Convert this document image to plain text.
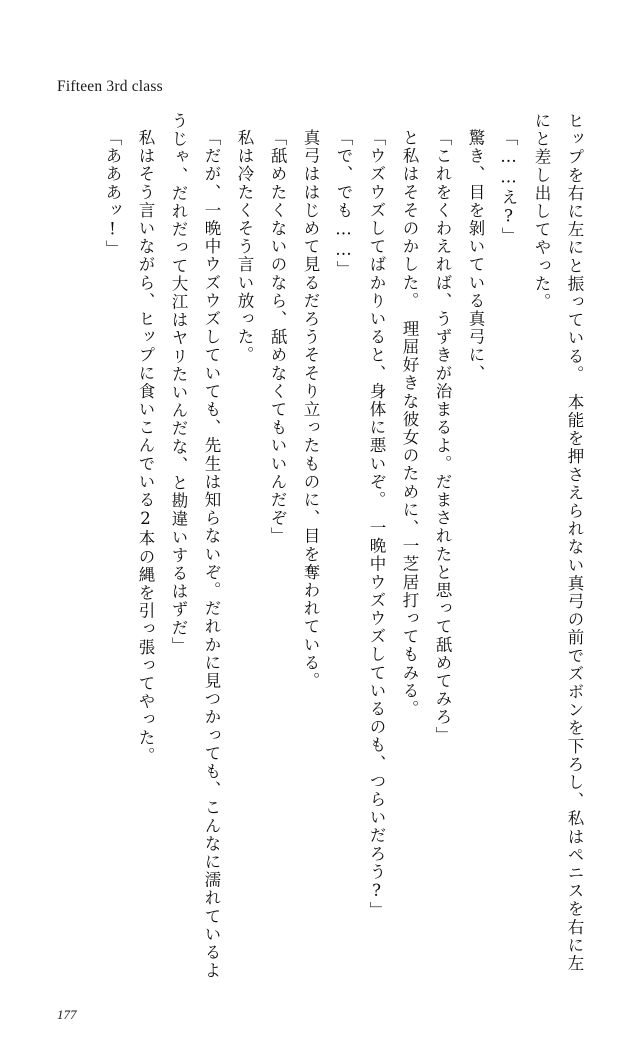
Fifteen 3rd class

ヒップを右に左にと振っている。　本能を押さえられない真弓の前でズボンを下ろし、私はペニスを右に左にと差し出してやった。

「……え?」

驚き、目を剝いている真弓に、

「これをくわえれば、うずきが治まるよ。だまされたと思って舐めてみろ」

と私はそそのかした。　理屈好きな彼女のために、一芝居打ってもみる。

「ウズウズしてばかりいると、身体に悪いぞ。　一晩中ウズウズしているのも、つらいだろう?」

「で、でも……」

真弓ははじめて見るだろうそそり立ったものに、目を奪われている。

「舐めたくないのなら、舐めなくてもいいんだぞ」

私は冷たくそう言い放った。

「だが、一晩中ウズウズしていても、先生は知らないぞ。だれかに見つかっても、こんなに濡れているようじゃ、だれだって大江はヤリたいんだな、と勘違いするはずだ」

私はそう言いながら、ヒップに食いこんでいる2本の縄を引っ張ってやった。

「あああッ!」

177
